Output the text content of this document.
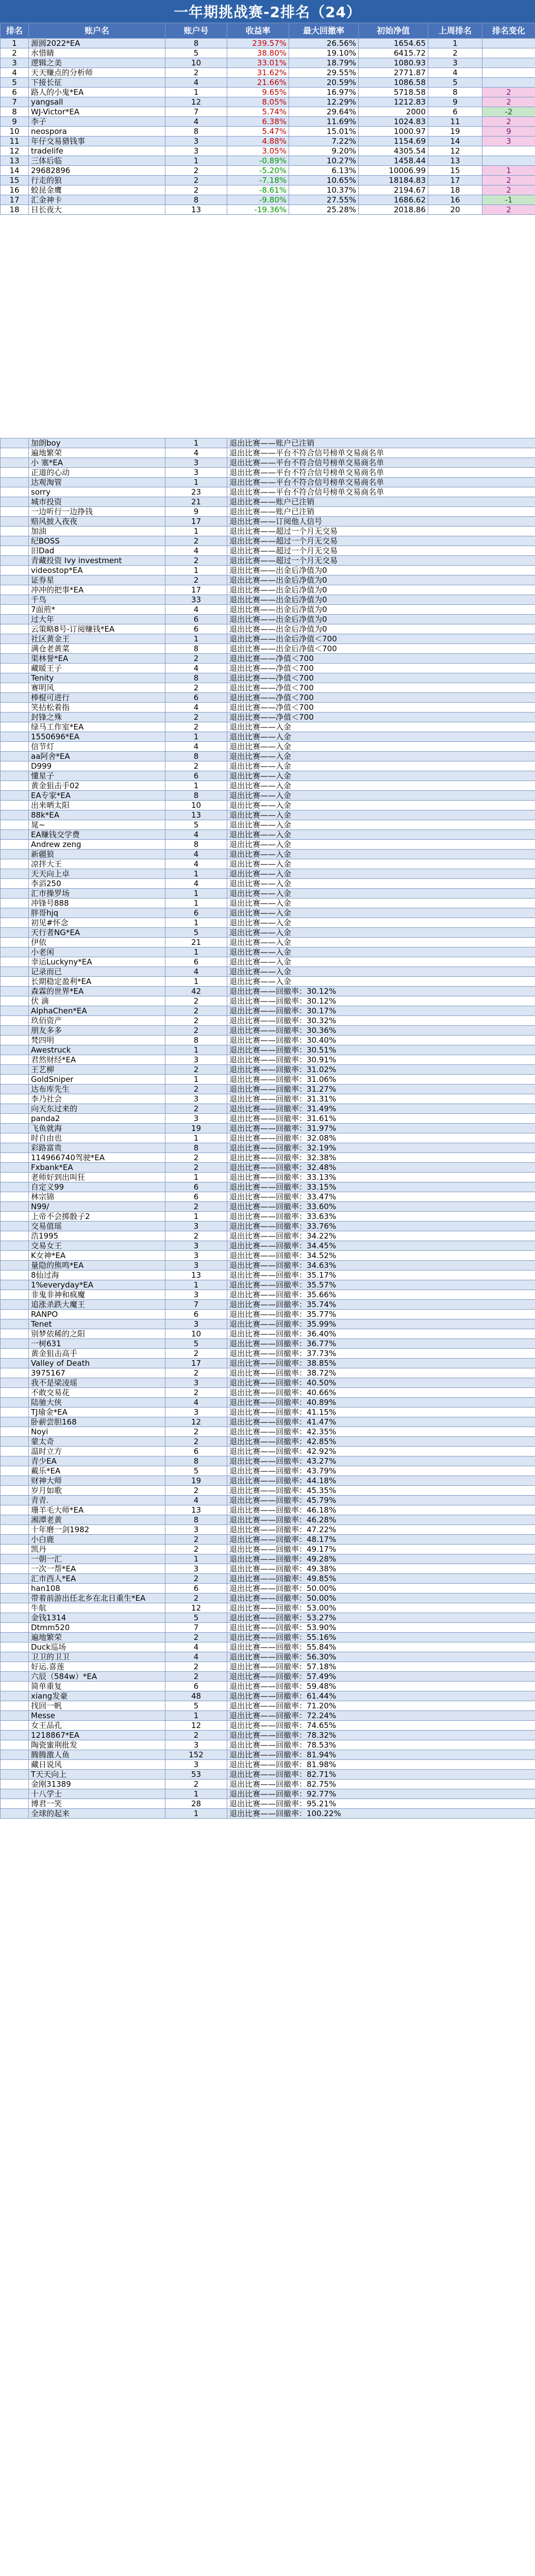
一年期挑战赛-2排名（24）
排名	账户名	账户号	收益率	最大回撤率	初始净值	上周排名	排名变化
1	源圆2022*EA	8	239.57%	26.56%	1654.65	1	
2	水惜睛	5	38.80%	19.10%	6415.72	2	
3	逻辑之美	10	33.01%	18.79%	1080.93	3	
4	天天赚点的分析师	2	31.62%	29.55%	2771.87	4	
5	下接长征	4	21.66%	20.59%	1086.58	5	
6	路人的小鬼*EA	1	9.65%	16.97%	5718.58	8	2
7	yangsall	12	8.05%	12.29%	1212.83	9	2
8	WJ-Victor*EA	7	5.74%	29.64%	2000	6	-2
9	李子	4	6.38%	11.69%	1024.83	11	2
10	neospora	8	5.47%	15.01%	1000.97	19	9
11	年仔交易猎钱事	3	4.88%	7.22%	1154.69	14	3
12	tradelife	3	3.05%	9.20%	4305.54	12	
13	三体后临	1	-0.89%	10.27%	1458.44	13	
14	29682896	2	-5.20%	6.13%	10006.99	15	1
15	行走的狼	2	-7.18%	10.65%	18184.83	17	2
16	蛟昆金鹰	2	-8.61%	10.37%	2194.67	18	2
17	汇金神卡	8	-9.80%	27.55%	1686.62	16	-1
18	日长夜大	13	-19.36%	25.28%	2018.86	20	2
	加朗boy	1	退出比赛——账户已注销
	遍地繁荣	4	退出比赛——平台不符合信号榜单交易商名单
	小 塞*EA	3	退出比赛——平台不符合信号榜单交易商名单
	正道的心动	3	退出比赛——平台不符合信号榜单交易商名单
	达观淘管	1	退出比赛——平台不符合信号榜单交易商名单
	sorry	23	退出比赛——平台不符合信号榜单交易商名单
	城市投资	21	退出比赛——账户已注销
	一边听行一边挣钱	9	退出比赛——账户已注销
	赔风披入夜夜	17	退出比赛——订阅他人信号
	加油	1	退出比赛——超过一个月无交易
	纪BOSS	2	退出比赛——超过一个月无交易
	旧Dad	4	退出比赛——超过一个月无交易
	青藏投资 Ivy investment	2	退出比赛——超过一个月无交易
	videostop*EA	1	退出比赛——出金后净值为0
	证券星	2	退出比赛——出金后净值为0
	冲冲的把事*EA	17	退出比赛——出金后净值为0
	千鸟	33	退出比赛——出金后净值为0
	7面煎*	4	退出比赛——出金后净值为0
	过大年	6	退出比赛——出金后净值为0
	云策略8号-订阅赚钱*EA	6	退出比赛——出金后净值为0
	社区黄金王	1	退出比赛——出金后净值＜700
	满仓老黄菜	8	退出比赛——出金后净值＜700
	渠林誉*EA	2	退出比赛——净值＜700
	藏暖王子	4	退出比赛——净值＜700
	Tenity	8	退出比赛——净值＜700
	赛明风	2	退出比赛——净值＜700
	棒棍可进行	6	退出比赛——净值＜700
	笑拈松着指	4	退出比赛——净值＜700
	封锋之殊	2	退出比赛——净值＜700
	绿马工作室*EA	2	退出比赛——入金
	1550696*EA	1	退出比赛——入金
	信节灯	4	退出比赛——入金
	aa阿舍*EA	8	退出比赛——入金
	D999	2	退出比赛——入金
	懂星子	6	退出比赛——入金
	黄金狙击手02	1	退出比赛——入金
	EA专家*EA	8	退出比赛——入金
	出来晒太阳	10	退出比赛——入金
	88k*EA	13	退出比赛——入金
	晁~	5	退出比赛——入金
	EA赚钱交学费	4	退出比赛——入金
	Andrew zeng	8	退出比赛——入金
	新疆狼	4	退出比赛——入金
	凉拌大王	4	退出比赛——入金
	天天向上卓	1	退出比赛——入金
	李滔250	4	退出比赛——入金
	汇市操罗场	1	退出比赛——入金
	冲锋号888	1	退出比赛——入金
	胖哥hjq	6	退出比赛——入金
	初见#怀念	1	退出比赛——入金
	天行者NG*EA	5	退出比赛——入金
	伊依	21	退出比赛——入金
	小老闲	1	退出比赛——入金
	幸运Luckyny*EA	6	退出比赛——入金
	记录而已	4	退出比赛——入金
	长期稳定盈利*EA	1	退出比赛——入金
	森霖的世界*EA	42	退出比赛——回撤率：30.12%
	伏 滴	2	退出比赛——回撤率：30.12%
	AlphaChen*EA	2	退出比赛——回撤率：30.17%
	玖佰资产	2	退出比赛——回撤率：30.32%
	朋友多多	2	退出比赛——回撤率：30.36%
	梵四明	8	退出比赛——回撤率：30.40%
	Awestruck	1	退出比赛——回撤率：30.51%
	君然财经*EA	3	退出比赛——回撤率：30.91%
	王艺柳	2	退出比赛——回撤率：31.02%
	GoldSniper	1	退出比赛——回撤率：31.06%
	达布库先生	2	退出比赛——回撤率：31.27%
	李乃社会	3	退出比赛——回撤率：31.31%
	向天东过来的	2	退出比赛——回撤率：31.49%
	panda2	3	退出比赛——回撤率：31.61%
	飞鱼就海	19	退出比赛——回撤率：31.97%
	时自由也	1	退出比赛——回撤率：32.08%
	彩路富贵	8	退出比赛——回撤率：32.19%
	114966740驾驶*EA	2	退出比赛——回撤率：32.38%
	Fxbank*EA	2	退出比赛——回撤率：32.48%
	老师好到出叫狂	1	退出比赛——回撤率：33.13%
	自定义99	6	退出比赛——回撤率：33.15%
	林宗锦	6	退出比赛——回撤率：33.47%
	N99/	2	退出比赛——回撤率：33.60%
	上帝不会掷骰子2	1	退出比赛——回撤率：33.63%
	交易值瑶	3	退出比赛——回撤率：33.76%
	浩1995	2	退出比赛——回撤率：34.22%
	交易女王	3	退出比赛——回撤率：34.45%
	K女神*EA	3	退出比赛——回撤率：34.52%
	量隐的熊鸣*EA	3	退出比赛——回撤率：34.63%
	8仙过海	13	退出比赛——回撤率：35.17%
	1%everyday*EA	1	退出比赛——回撤率：35.57%
	非鬼非神和疯魔	3	退出比赛——回撤率：35.66%
	追涨杀跌大魔王	7	退出比赛——回撤率：35.74%
	RANPO	6	退出比赛——回撤率：35.77%
	Tenet	3	退出比赛——回撤率：35.99%
	别梦依稀的之阳	10	退出比赛——回撤率：36.40%
	一树631	5	退出比赛——回撤率：36.77%
	黄金狙击高手	2	退出比赛——回撤率：37.73%
	Valley of Death	17	退出比赛——回撤率：38.85%
	3975167	2	退出比赛——回撤率：38.72%
	我不是梁凌瑶	3	退出比赛——回撤率：40.50%
	不敢交易花	2	退出比赛——回撤率：40.66%
	陆驰大侠	4	退出比赛——回撤率：40.89%
	TJ瑜金*EA	3	退出比赛——回撤率：41.15%
	卧薪尝胆168	12	退出比赛——回撤率：41.47%
	Noyi	2	退出比赛——回撤率：42.35%
	蒙太奇	2	退出比赛——回撤率：42.85%
	温时立方	6	退出比赛——回撤率：42.92%
	青少EA	8	退出比赛——回撤率：43.27%
	戴乐*EA	5	退出比赛——回撤率：43.79%
	财神大师	19	退出比赛——回撤率：44.18%
	岁月如歌	2	退出比赛——回撤率：45.35%
	青青.	4	退出比赛——回撤率：45.79%
	珊羊毛大师*EA	13	退出比赛——回撤率：46.18%
	湘潭老黄	8	退出比赛——回撤率：46.28%
	十年磨一剑1982	3	退出比赛——回撤率：47.22%
	小白鹿	2	退出比赛——回撤率：48.17%
	凯丹	2	退出比赛——回撤率：49.17%
	一朝一汇	1	退出比赛——回撤率：49.28%
	一次一帮*EA	3	退出比赛——回撤率：49.38%
	汇市西人*EA	2	退出比赛——回撤率：49.85%
	han108	6	退出比赛——回撤率：50.00%
	带着前游出任北乡在北日重生*EA	2	退出比赛——回撤率：50.00%
	牛航	12	退出比赛——回撤率：53.00%
	金钱1314	5	退出比赛——回撤率：53.27%
	Dtmm520	7	退出比赛——回撤率：53.90%
	遍地繁荣	2	退出比赛——回撤率：55.16%
	Duck巡场	4	退出比赛——回撤率：55.84%
	卫卫的卫卫	4	退出比赛——回撤率：56.30%
	好运.喜莲	2	退出比赛——回撤率：57.18%
	六辰（584w）*EA	2	退出比赛——回撤率：57.49%
	简单重复	6	退出比赛——回撤率：59.48%
	xiang发豪	48	退出比赛——回撤率：61.44%
	找回一帆	5	退出比赛——回撤率：71.20%
	Messe	1	退出比赛——回撤率：72.24%
	女王品孔	12	退出比赛——回撤率：74.65%
	1218867*EA	2	退出比赛——回撤率：78.32%
	陶瓷蜜荆批发	3	退出比赛——回撤率：78.53%
	腾腾激人鱼	152	退出比赛——回撤率：81.94%
	藏日说风	3	退出比赛——回撤率：81.98%
	T天天向上	53	退出比赛——回撤率：82.71%
	金刚31389	2	退出比赛——回撤率：82.75%
	十八学士	1	退出比赛——回撤率：92.77%
	博君一笑	28	退出比赛——回撤率：95.21%
	全球的起来	1	退出比赛——回撤率：100.22%
